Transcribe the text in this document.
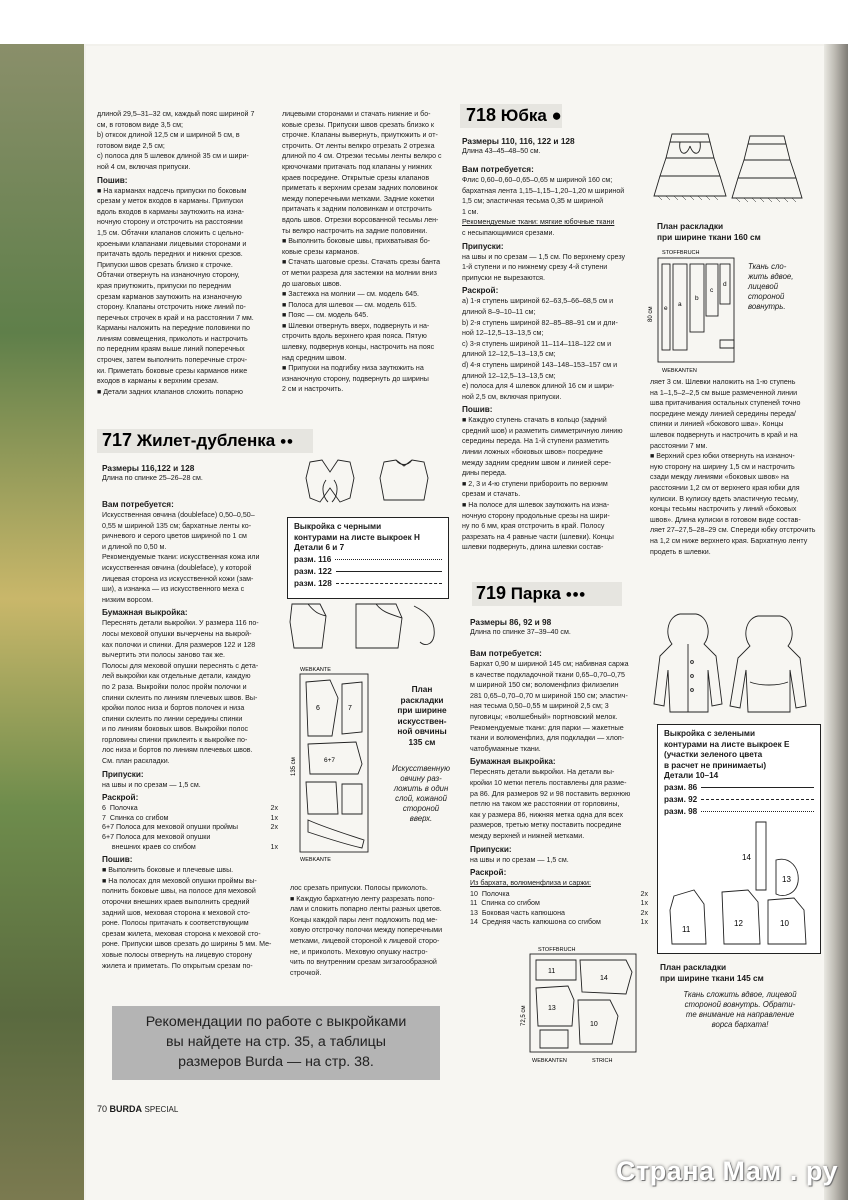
длиной 29,5–31–32 см, каждый пояс шириной 7

см, в готовом виде 3,5 см;

b) отксок длиной 12,5 см и шириной 5 см, в

готовом виде 2,5 см;

c) полоса для 5 шлевок длиной 35 см и шири-

ной 4 см, включая припуски.

Пошив:

■ На карманах надсечь припуски по боковым

срезам у меток входов в карманы. Припуски

вдоль входов в карманы заутюжить на изна-

ночную сторону и отстрочить на расстоянии

1,5 см. Обтачки клапанов сложить с цельно-

кроеными клапанами лицевыми сторонами и

притачать вдоль передних и нижних срезов.

Припуски швов срезать близко к строчке.

Обтачки отвернуть на изнаночную сторону,

края приутюжить, припуски по передним

срезам карманов заутюжить на изнаночную

сторону. Клапаны отстрочить ниже линий по-

перечных строчек в край и на расстоянии 7 мм.

Карманы наложить на передние половинки по

линиям совмещения, приколоть и настрочить

по передним краям выше линий поперечных

строчек, затем выполнить поперечные строч-

ки. Приметать боковые срезы карманов ниже

входов в карманы к верхним срезам.

■ Детали задних клапанов сложить попарно

лицевыми сторонами и стачать нижние и бо-

ковые срезы. Припуски швов срезать близко к

строчке. Клапаны вывернуть, приутюжить и от-

строчить. От ленты велкро отрезать 2 отрезка

длиной по 4 см. Отрезки тесьмы ленты велкро с

крючочками притачать под клапаны у нижних

краев посредине. Открытые срезы клапанов

приметать к верхним срезам задних половинок

между поперечными метками. Задние кокетки

притачать к задним половинкам и отстрочить

вдоль швов. Отрезки ворсованной тесьмы лен-

ты велкро настрочить на задние половинки.

■ Выполнить боковые швы, прихватывая бо-

ковые срезы карманов.

■ Стачать шаговые срезы. Стачать срезы банта

от метки разреза для застежки на молнии вниз

до шаговых швов.

■ Застежка на молнии — см. модель 645.

■ Полоса для шлевок — см. модель 615.

■ Пояс — см. модель 645.

■ Шлевки отвернуть вверх, подвернуть и на-

строчить вдоль верхнего края пояса. Пятую

шлевку, подвернув концы, настрочить на пояс

над средним швом.

■ Припуски на подгибку низа заутюжить на

изнаночную сторону, подвернуть до ширины

2 см и настрочить.

718 Юбка ●
Размеры 110, 116, 122 и 128
Длина 43–45–48–50 см.

Вам потребуется:

Флис 0,60–0,60–0,65–0,65 м шириной 160 см;

бархатная лента 1,15–1,15–1,20–1,20 м шириной

1,5 см; эластичная тесьма 0,35 м шириной

1 см.

Рекомендуемые ткани: мягкие юбочные ткани

с несыпающимися срезами.

Припуски:

на швы и по срезам — 1,5 см. По верхнему срезу

1-й ступени и по нижнему срезу 4-й ступени

припуски не вырезаются.

Раскрой:

a) 1-я ступень шириной 62–63,5–66–68,5 см и

длиной 8–9–10–11 см;

b) 2-я ступень шириной 82–85–88–91 см и дли-

ной 12–12,5–13–13,5 см;

c) 3-я ступень шириной 11–114–118–122 см и

длиной 12–12,5–13–13,5 см;

d) 4-я ступень шириной 143–148–153–157 см и

длиной 12–12,5–13–13,5 см;

e) полоса для 4 шлевок длиной 16 см и шири-

ной 2,5 см, включая припуски.

Пошив:

■ Каждую ступень стачать в кольцо (задний

средний шов) и разметить симметричную линию

середины переда. На 1-й ступени разметить

линии ложных «боковых швов» посредине

между задним средним швом и линией сере-

дины переда.

■ 2, 3 и 4-ю ступени прибороить по верхним

срезам и стачать.

■ На полосе для шлевок заутюжить на изна-

ночную сторону продольные срезы на шири-

ну по 6 мм, края отстрочить в край. Полосу

разрезать на 4 равные части (шлевки). Концы

шлевки подвернуть, длина шлевки состав-

План раскладки
при ширине ткани 160 см
STOFFBRUCH
WEBKANTEN
80 см e
a
b
c
d

Ткань сло-

жить вдвое,

лицевой

стороной

вовнутрь.

ляет 3 см. Шлевки наложить на 1-ю ступень

на 1–1,5–2–2,5 см выше размеченной линии

шва притачивания остальных ступеней точно

посредине между линией середины переда/

спинки и линией «бокового шва». Концы

шлевок подвернуть и настрочить в край и на

расстоянии 7 мм.

■ Верхний срез юбки отвернуть на изнаноч-

ную сторону на ширину 1,5 см и настрочить

сзади между линиями «боковых швов» на

расстоянии 1,2 см от верхнего края юбки для

кулиски. В кулиску вдеть эластичную тесьму,

концы тесьмы настрочить у линий «боковых

швов». Длина кулиски в готовом виде состав-

ляет 27–27,5–28–29 см. Спереди юбку отстрочить

на 1,2 см ниже верхнего края. Бархатную ленту

продеть в шлевки.

717 Жилет-дубленка ●●
Размеры 116,122 и 128
Длина по спинке 25–26–28 см.

Вам потребуется:

Искусственная овчина (doubleface) 0,50–0,50–

0,55 м шириной 135 см; бархатные ленты ко-

ричневого и серого цветов шириной по 1 см

и длиной по 0,50 м.

Рекомендуемые ткани: искусственная кожа или

искусственная овчина (doubleface), у которой

лицевая сторона из искусственной кожи (зам-

ши), а изнанка — из искусственного меха с

низким ворсом.

Бумажная выкройка:

Переснять детали выкройки. У размера 116 по-

лосы меховой опушки вычерчены на выкрой-

ках полочки и спинки. Для размеров 122 и 128

вычертить эти полосы заново так же.

Полосы для меховой опушки переснять с дета-

лей выкройки как отдельные детали, каждую

по 2 раза. Выкройки полос пройм полочки и

спинки склеить по линиям плечевых швов. Вы-

кройки полос низа и бортов полочек и низа

спинки склеить по линии середины спинки

и по линиям боковых швов. Выкройки полос

горловины спинки приклеить к выкройке по-

лос низа и бортов по линиям плечевых швов.

См. план раскладки.

Припуски:

на швы и по срезам — 1,5 см.

Раскрой:

6  Полочка	2x
7  Спинка со сгибом	1x
6+7 Полоса для меховой опушки проймы	2x
6+7 Полоса для меховой опушки
внешних краев со сгибом	1x

Пошив:

■ Выполнить боковые и плечевые швы.

■ На полосах для меховой опушки проймы вы-

полнить боковые швы, на полосе для меховой

оторочки внешних краев выполнить средний

задний шов, меховая сторона к меховой сто-

роне. Полосы притачать к соответствующим

срезам жилета, меховая сторона к меховой сто-

роне. Припуски швов срезать до ширины 5 мм. Ме-

ховые полосы отвернуть на лицевую сторону

жилета и приметать. По открытым срезам по-

Выкройка с черными
контурами на листе выкроек Н
Детали 6 и 7
разм. 116
разм. 122
разм. 128
WEBKANTE
WEBKANTE
135 см
6	7
6+7

План

раскладки

при ширине

искусствен-

ной овчины

135 см

Искусственную

овчину раз-

ложить в один

слой, кожаной

стороной

вверх.

лос срезать припуски. Полосы приколоть.

■ Каждую бархатную ленту разрезать попо-

лам и сложить попарно ленты разных цветов.

Концы каждой пары лент подложить под ме-

ховую отстрочку полочки между поперечными

метками, лицевой стороной к лицевой сторо-

не, и приколоть. Меховую опушку настро-

чить по внутренним срезам зигзагообразной

строчкой.

719 Парка ●●●
Размеры 86, 92 и 98
Длина по спинке 37–39–40 см.

Вам потребуется:

Бархат 0,90 м шириной 145 см; набивная саржа

в качестве подкладочной ткани 0,65–0,70–0,75

м шириной 150 см; воломенфлиз филизелин

281 0,65–0,70–0,70 м шириной 150 см; эластич-

ная тесьма 0,50–0,55 м шириной 2,5 см; 3

пуговицы; «волшебный» портновский мелок.

Рекомендуемые ткани: для парки — жакетные

ткани и волюменфлиз, для подкладки — хлоп-

чатобумажные ткани.

Бумажная выкройка:

Переснять детали выкройки. На детали вы-

кройки 10 метки петель поставлены для разме-

ра 86. Для размеров 92 и 98 поставить верхнюю

петлю на таком же расстоянии от горловины,

как у размера 86, нижняя метка одна для всех

размеров, третью метку поставить посредине

между верхней и нижней метками.

Припуски:

на швы и по срезам — 1,5 см.

Раскрой:

Из бархата, волюменфлиза и саржи:

10  Полочка	2x
11  Спинка со сгибом	1x
13  Боковая часть капюшона	2x
14  Средняя часть капюшона со сгибом	1x
Выкройка с зелеными
контурами на листе выкроек Е
(участки зеленого цвета
в расчет не принимаеты)
Детали 10–14
разм. 86
разм. 92
разм. 98
14
13
11
12	10
План раскладки
при ширине ткани 145 см

Ткань сложить вдвое, лицевой

стороной вовнутрь. Обрати-

те внимание на направление

ворса бархата!

STOFFBRUCH
WEBKANTEN	STRICH
72,5 см
11
14
13
10

Рекомендации по работе с выкройками
вы найдете на стр. 35, а таблицы
размеров Burda — на стр. 38.

70 BURDA SPECIAL
Страна Мам . ру
